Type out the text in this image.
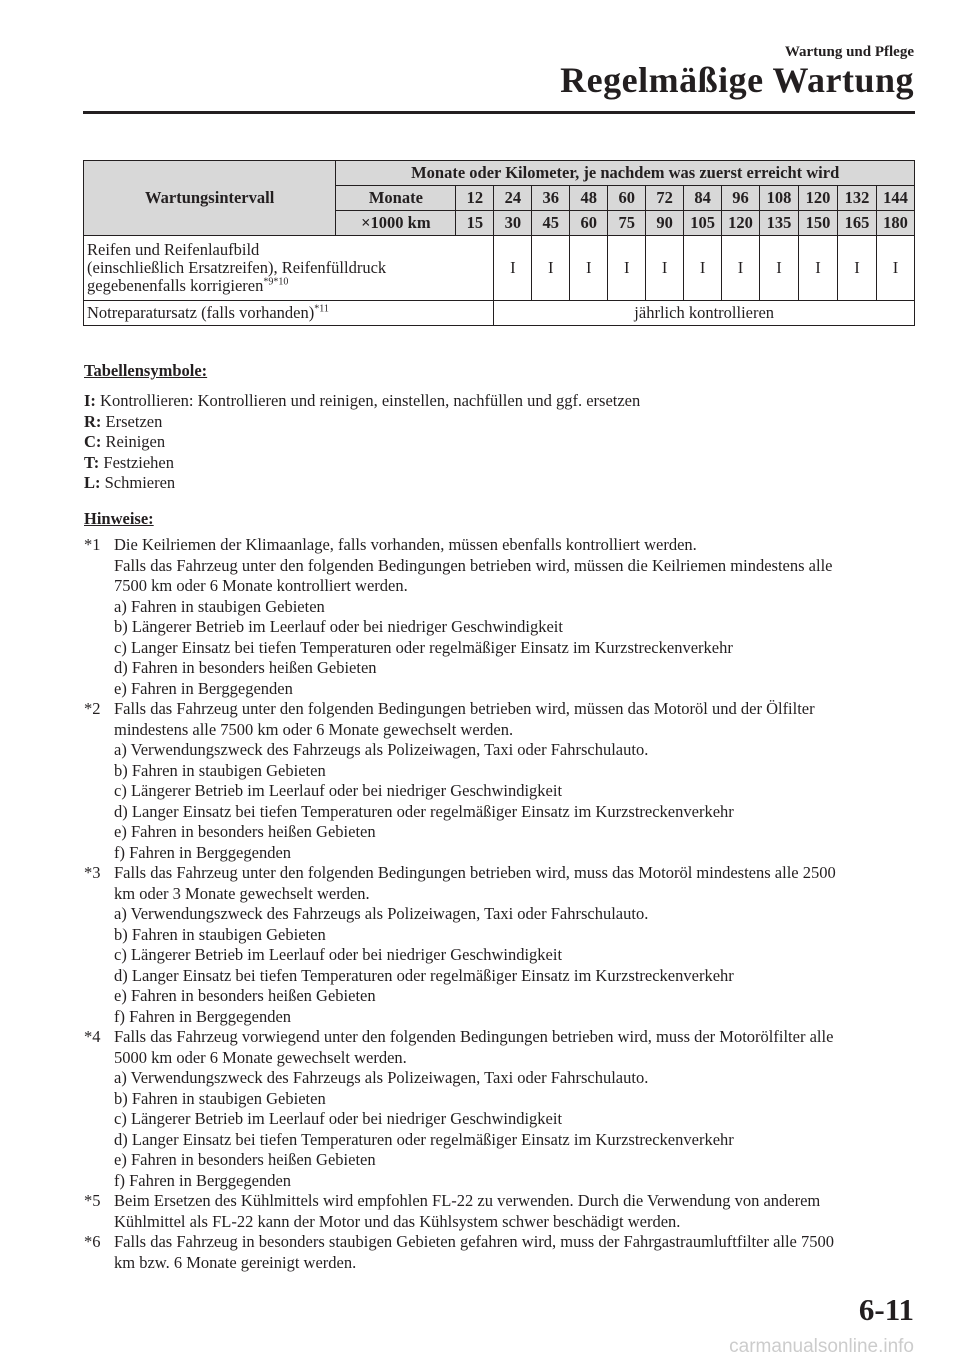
Wartung und Pflege
Regelmäßige Wartung
Wartungsintervall	Monate oder Kilometer, je nachdem was zuerst erreicht wird												
	Monate	12	24	36	48	60	72	84	96	108	120	132	144
	×1000 km	15	30	45	60	75	90	105	120	135	150	165	180
Reifen und Reifenlaufbild
(einschließlich Ersatzreifen), Reifenfülldruck
gegebenenfalls korrigieren$^{*9*10}$			I	I	I	I	I	I	I	I	I	I	I
Notreparatursatz (falls vorhanden)$^{*11}$			jährlich kontrollieren										
Tabellensymbole:
I: Kontrollieren: Kontrollieren und reinigen, einstellen, nachfüllen und ggf. ersetzen
R: Ersetzen
C: Reinigen
T: Festziehen
L: Schmieren
Hinweise:
*1 Die Keilriemen der Klimaanlage, falls vorhanden, müssen ebenfalls kontrolliert werden.
Falls das Fahrzeug unter den folgenden Bedingungen betrieben wird, müssen die Keilriemen mindestens alle
7500 km oder 6 Monate kontrolliert werden.
a) Fahren in staubigen Gebieten
b) Längerer Betrieb im Leerlauf oder bei niedriger Geschwindigkeit
c) Langer Einsatz bei tiefen Temperaturen oder regelmäßiger Einsatz im Kurzstreckenverkehr
d) Fahren in besonders heißen Gebieten
e) Fahren in Berggegenden
*2 Falls das Fahrzeug unter den folgenden Bedingungen betrieben wird, müssen das Motoröl und der Ölfilter
mindestens alle 7500 km oder 6 Monate gewechselt werden.
a) Verwendungszweck des Fahrzeugs als Polizeiwagen, Taxi oder Fahrschulauto.
b) Fahren in staubigen Gebieten
c) Längerer Betrieb im Leerlauf oder bei niedriger Geschwindigkeit
d) Langer Einsatz bei tiefen Temperaturen oder regelmäßiger Einsatz im Kurzstreckenverkehr
e) Fahren in besonders heißen Gebieten
f) Fahren in Berggegenden
*3 Falls das Fahrzeug unter den folgenden Bedingungen betrieben wird, muss das Motoröl mindestens alle 2500
km oder 3 Monate gewechselt werden.
a) Verwendungszweck des Fahrzeugs als Polizeiwagen, Taxi oder Fahrschulauto.
b) Fahren in staubigen Gebieten
c) Längerer Betrieb im Leerlauf oder bei niedriger Geschwindigkeit
d) Langer Einsatz bei tiefen Temperaturen oder regelmäßiger Einsatz im Kurzstreckenverkehr
e) Fahren in besonders heißen Gebieten
f) Fahren in Berggegenden
*4 Falls das Fahrzeug vorwiegend unter den folgenden Bedingungen betrieben wird, muss der Motorölfilter alle
5000 km oder 6 Monate gewechselt werden.
a) Verwendungszweck des Fahrzeugs als Polizeiwagen, Taxi oder Fahrschulauto.
b) Fahren in staubigen Gebieten
c) Längerer Betrieb im Leerlauf oder bei niedriger Geschwindigkeit
d) Langer Einsatz bei tiefen Temperaturen oder regelmäßiger Einsatz im Kurzstreckenverkehr
e) Fahren in besonders heißen Gebieten
f) Fahren in Berggegenden
*5 Beim Ersetzen des Kühlmittels wird empfohlen FL-22 zu verwenden. Durch die Verwendung von anderem
Kühlmittel als FL-22 kann der Motor und das Kühlsystem schwer beschädigt werden.
*6 Falls das Fahrzeug in besonders staubigen Gebieten gefahren wird, muss der Fahrgastraumluftfilter alle 7500
km bzw. 6 Monate gereinigt werden.
6-11
carmanualsonline.info
